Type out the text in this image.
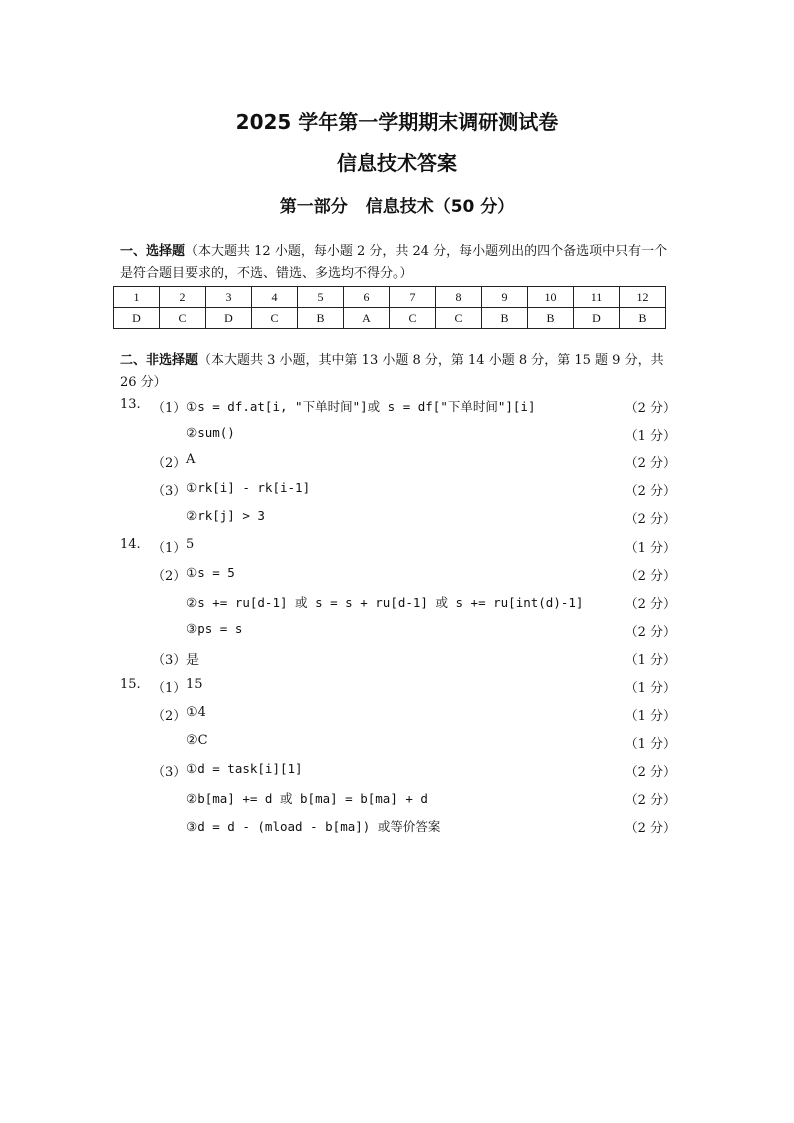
2025 学年第一学期期末调研测试卷
信息技术答案
第一部分 信息技术（50 分）
一、选择题（本大题共 12 小题，每小题 2 分，共 24 分，每小题列出的四个备选项中只有一个是符合题目要求的，不选、错选、多选均不得分。）
1	2	3	4	5	6	7	8	9	10	11	12
D	C	D	C	B	A	C	C	B	B	D	B
二、非选择题（本大题共 3 小题，其中第 13 小题 8 分，第 14 小题 8 分，第 15 题 9 分，共 26 分）
13. （1） ①s = df.at[i, "下单时间"]或 s = df["下单时间"][i]	（2 分）
②sum()	（1 分）
（2） A	（2 分）
（3） ①rk[i] - rk[i-1]	（2 分）
②rk[j] > 3	（2 分）
14. （1） 5	（1 分）
（2） ①s = 5	（2 分）
②s += ru[d-1] 或 s = s + ru[d-1] 或 s += ru[int(d)-1]	（2 分）
③ps = s	（2 分）
（3） 是	（1 分）
15. （1） 15	（1 分）
（2） ①4	（1 分）
②C	（1 分）
（3） ①d = task[i][1]	（2 分）
②b[ma] += d 或 b[ma] = b[ma] + d	（2 分）
③d = d - (mload - b[ma]) 或等价答案	（2 分）
